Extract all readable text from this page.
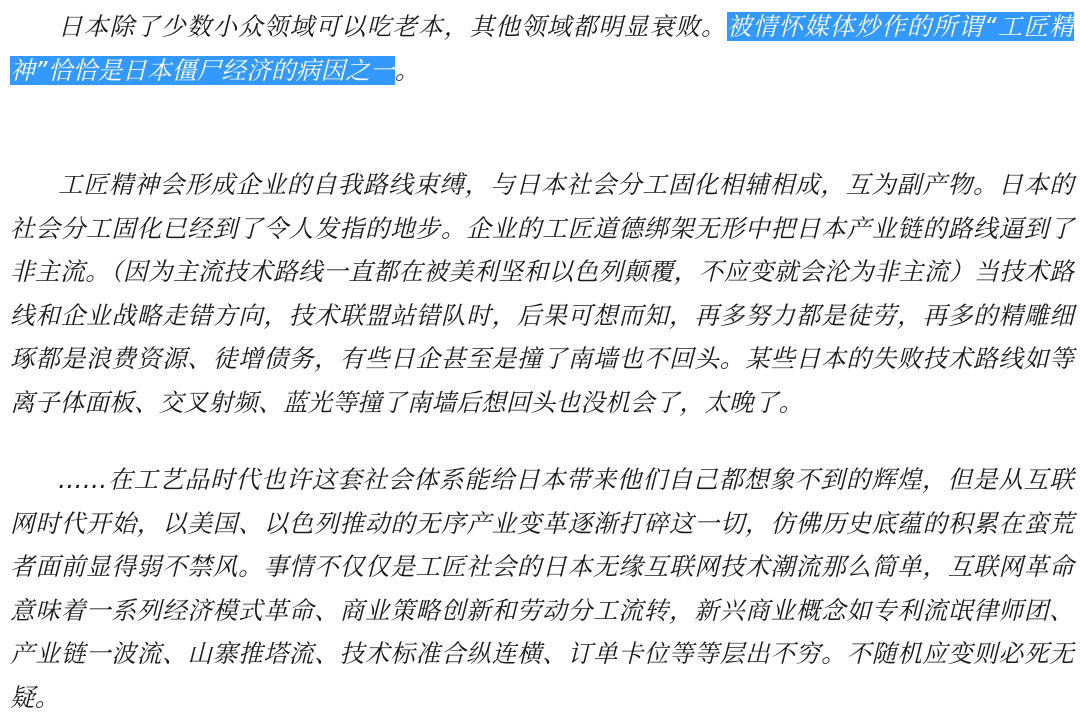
日本除了少数小众领域可以吃老本，其他领域都明显衰败。被情怀媒体炒作的所谓“工匠精神”恰恰是日本僵尸经济的病因之一。

工匠精神会形成企业的自我路线束缚，与日本社会分工固化相辅相成，互为副产物。日本的社会分工固化已经到了令人发指的地步。企业的工匠道德绑架无形中把日本产业链的路线逼到了非主流。（因为主流技术路线一直都在被美利坚和以色列颠覆，不应变就会沦为非主流）当技术路线和企业战略走错方向，技术联盟站错队时，后果可想而知，再多努力都是徒劳，再多的精雕细琢都是浪费资源、徒增债务，有些日企甚至是撞了南墙也不回头。某些日本的失败技术路线如等离子体面板、交叉射频、蓝光等撞了南墙后想回头也没机会了，太晚了。

……在工艺品时代也许这套社会体系能给日本带来他们自己都想象不到的辉煌，但是从互联网时代开始，以美国、以色列推动的无序产业变革逐渐打碎这一切，仿佛历史底蕴的积累在蛮荒者面前显得弱不禁风。事情不仅仅是工匠社会的日本无缘互联网技术潮流那么简单，互联网革命意味着一系列经济模式革命、商业策略创新和劳动分工流转，新兴商业概念如专利流氓律师团、产业链一波流、山寨推塔流、技术标准合纵连横、订单卡位等等层出不穷。不随机应变则必死无疑。
